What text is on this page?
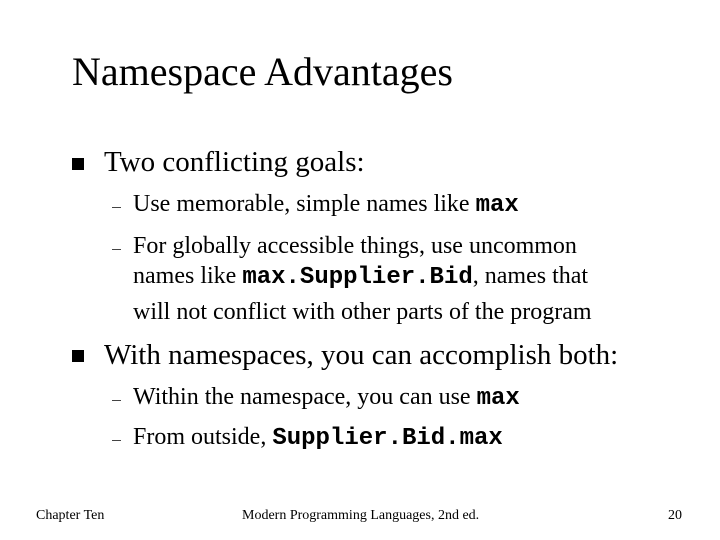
Namespace Advantages
Two conflicting goals:
Use memorable, simple names like max
For globally accessible things, use uncommon
names like max.Supplier.Bid, names that
will not conflict with other parts of the program
With namespaces, you can accomplish both:
Within the namespace, you can use max
From outside, Supplier.Bid.max
Chapter Ten	Modern Programming Languages, 2nd ed.	20
